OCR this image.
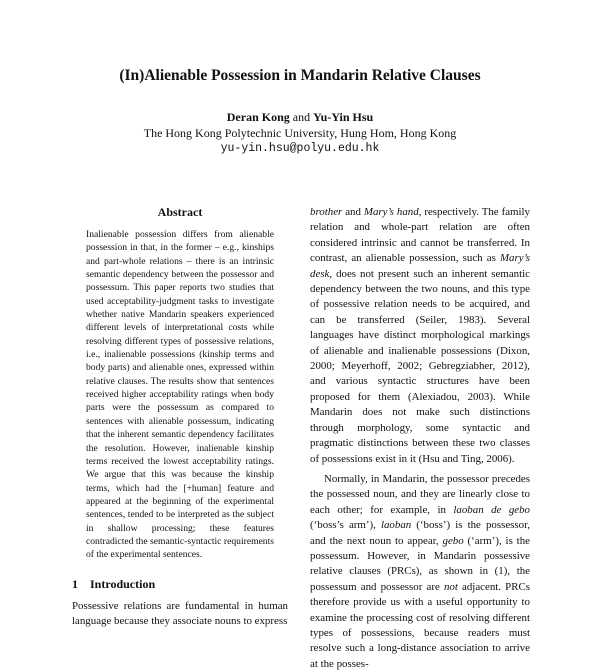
(In)Alienable Possession in Mandarin Relative Clauses
Deran Kong and Yu-Yin Hsu
The Hong Kong Polytechnic University, Hung Hom, Hong Kong
yu-yin.hsu@polyu.edu.hk
Abstract

Inalienable possession differs from alienable possession in that, in the former – e.g., kinships and part-whole relations – there is an intrinsic semantic dependency between the possessor and possessum. This paper reports two studies that used acceptability-judgment tasks to investigate whether native Mandarin speakers experienced different levels of interpretational costs while resolving different types of possessive relations, i.e., inalienable possessions (kinship terms and body parts) and alienable ones, expressed within relative clauses. The results show that sentences received higher acceptability ratings when body parts were the possessum as compared to sentences with alienable possessum, indicating that the inherent semantic dependency facilitates the resolution. However, inalienable kinship terms received the lowest acceptability ratings. We argue that this was because the kinship terms, which had the [+human] feature and appeared at the beginning of the experimental sentences, tended to be interpreted as the subject in shallow processing; these features contradicted the semantic-syntactic requirements of the experimental sentences.

1 Introduction

Possessive relations are fundamental in human language because they associate nouns to express

brother and Mary’s hand, respectively. The family relation and whole-part relation are often considered intrinsic and cannot be transferred. In contrast, an alienable possession, such as Mary’s desk, does not present such an inherent semantic dependency between the two nouns, and this type of possessive relation needs to be acquired, and can be transferred (Seiler, 1983). Several languages have distinct morphological markings of alienable and inalienable possessions (Dixon, 2000; Meyerhoff, 2002; Gebregziabher, 2012), and various syntactic structures have been proposed for them (Alexiadou, 2003). While Mandarin does not make such distinctions through morphology, some syntactic and pragmatic distinctions between these two classes of possessions exist in it (Hsu and Ting, 2006).

Normally, in Mandarin, the possessor precedes the possessed noun, and they are linearly close to each other; for example, in laoban de gebo (‘boss’s arm’), laoban (‘boss’) is the possessor, and the next noun to appear, gebo (‘arm’), is the possessum. However, in Mandarin possessive relative clauses (PRCs), as shown in (1), the possessum and possessor are not adjacent. PRCs therefore provide us with a useful opportunity to examine the processing cost of resolving different types of possessions, because readers must resolve such a long-distance association to arrive at the posses-
